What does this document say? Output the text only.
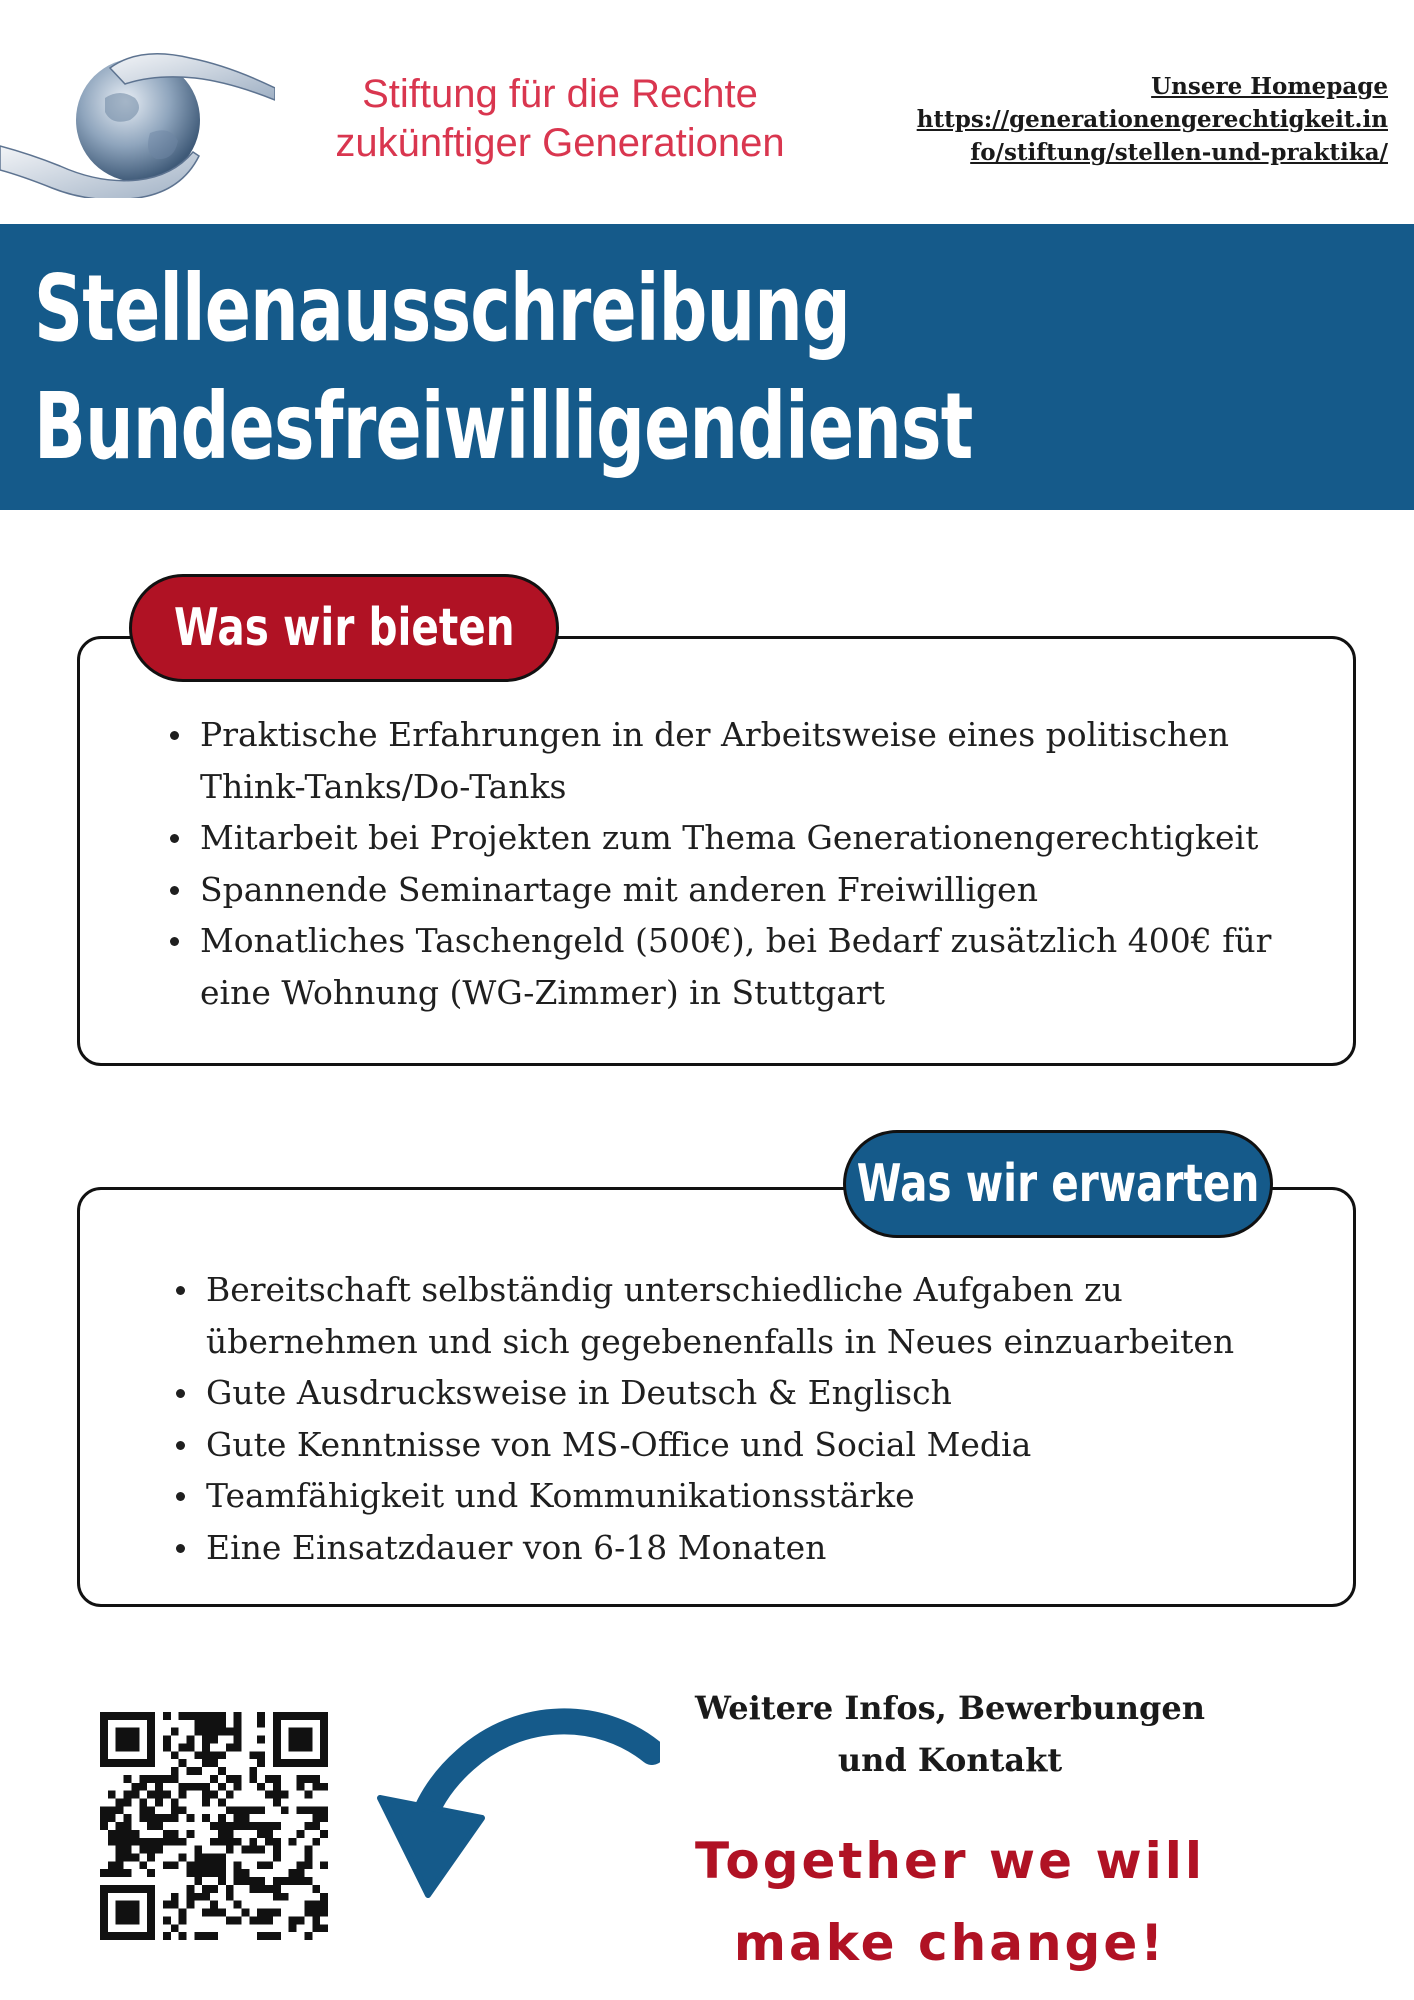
Stiftung für die Rechte
zukünftiger Generationen
Unsere Homepage
https://generationengerechtigkeit.in
fo/stiftung/stellen-und-praktika/
Stellenausschreibung
Bundesfreiwilligendienst
Was wir bieten
Praktische Erfahrungen in der Arbeitsweise eines politischen Think-Tanks/Do-Tanks
Mitarbeit bei Projekten zum Thema Generationengerechtigkeit
Spannende Seminartage mit anderen Freiwilligen
Monatliches Taschengeld (500€), bei Bedarf zusätzlich 400€ für eine Wohnung (WG-Zimmer) in Stuttgart
Was wir erwarten
Bereitschaft selbständig unterschiedliche Aufgaben zu übernehmen und sich gegebenenfalls in Neues einzuarbeiten
Gute Ausdrucksweise in Deutsch & Englisch
Gute Kenntnisse von MS-Office und Social Media
Teamfähigkeit und Kommunikationsstärke
Eine Einsatzdauer von 6-18 Monaten
Weitere Infos, Bewerbungen
und Kontakt
Together we will
make change!
